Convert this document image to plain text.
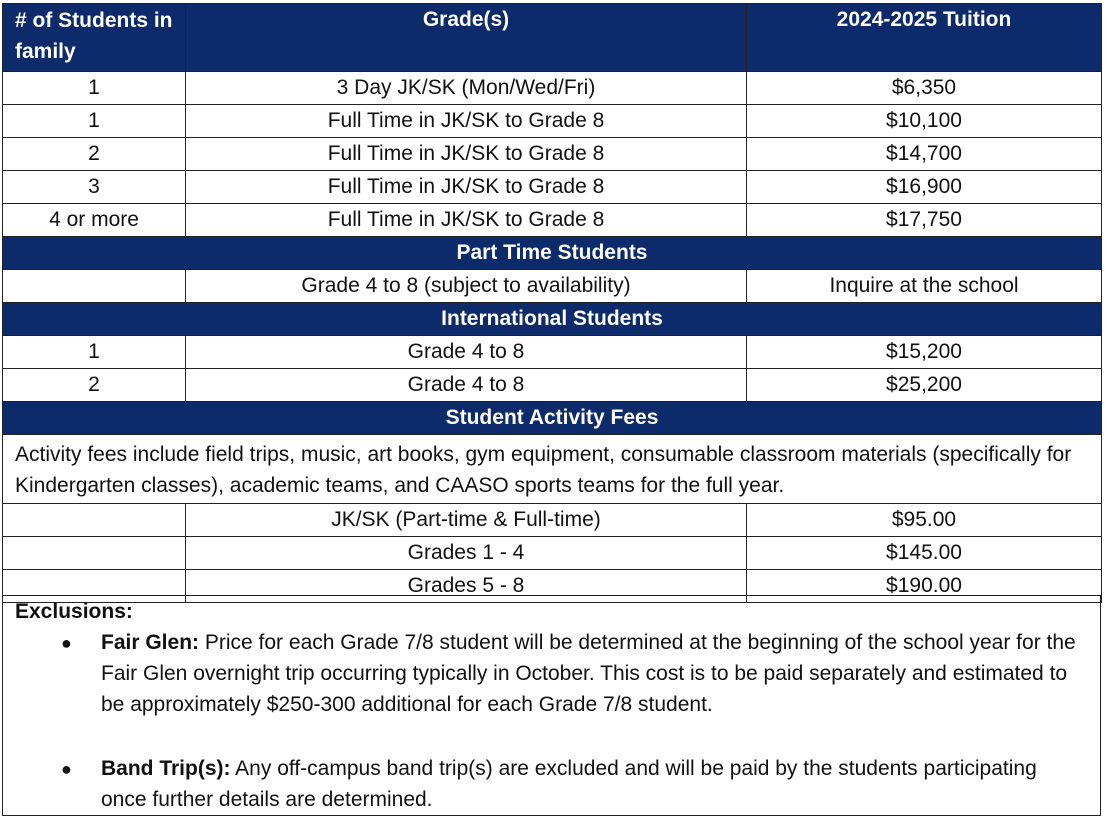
# of Students in family	Grade(s)	2024-2025 Tuition
1	3 Day JK/SK (Mon/Wed/Fri)	$6,350
1	Full Time in JK/SK to Grade 8	$10,100
2	Full Time in JK/SK to Grade 8	$14,700
3	Full Time in JK/SK to Grade 8	$16,900
4 or more	Full Time in JK/SK to Grade 8	$17,750
Part Time Students		
	Grade 4 to 8 (subject to availability)	Inquire at the school
International Students		
1	Grade 4 to 8	$15,200
2	Grade 4 to 8	$25,200
Student Activity Fees		
Activity fees include field trips, music, art books, gym equipment, consumable classroom materials (specifically for Kindergarten classes), academic teams, and CAASO sports teams for the full year.		
	JK/SK (Part-time & Full-time)	$95.00
	Grades 1 - 4	$145.00
	Grades 5 - 8	$190.00
Exclusions:
● Fair Glen: Price for each Grade 7/8 student will be determined at the beginning of the school year for the Fair Glen overnight trip occurring typically in October. This cost is to be paid separately and estimated to be approximately $250-300 additional for each Grade 7/8 student.
● Band Trip(s): Any off-campus band trip(s) are excluded and will be paid by the students participating once further details are determined.
